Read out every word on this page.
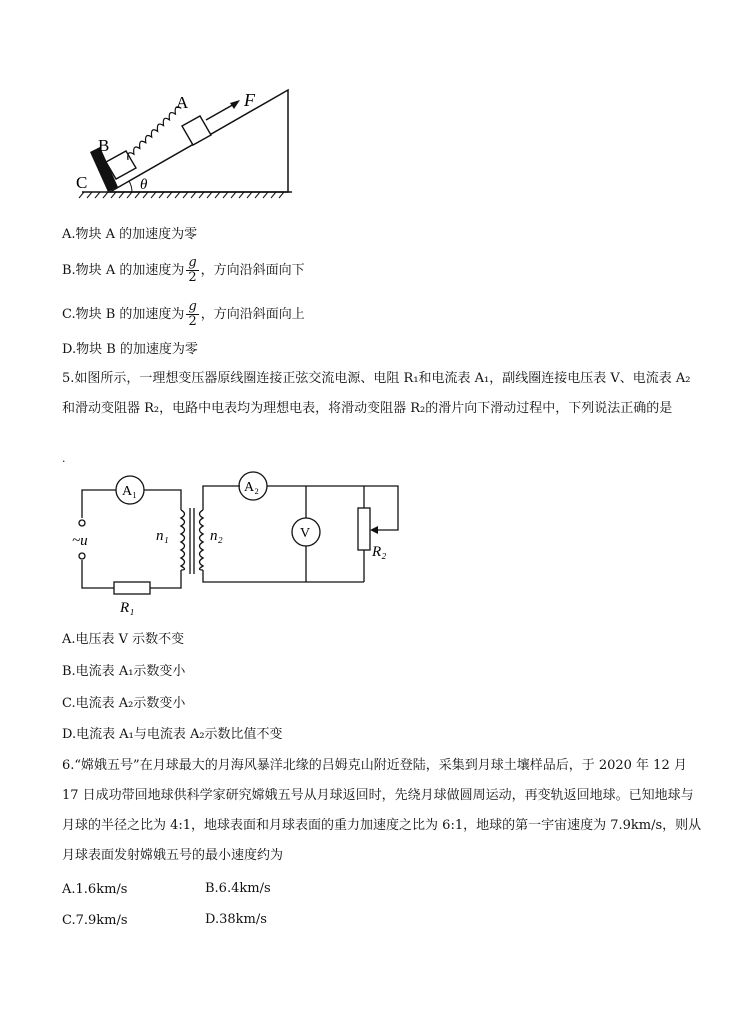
A
B
C
F
θ
A.物块 A 的加速度为零
B.物块 A 的加速度为 $\frac{g}{2}$ ，方向沿斜面向下
C.物块 B 的加速度为 $\frac{g}{2}$ ，方向沿斜面向上
D.物块 B 的加速度为零
5.如图所示，一理想变压器原线圈连接正弦交流电源、电阻 R₁和电流表 A₁，副线圈连接电压表 V、电流表 A₂和滑动变阻器 R₂，电路中电表均为理想电表，将滑动变阻器 R₂的滑片向下滑动过程中，下列说法正确的是
·
A₁	A₂
V
~u	n₁	n₂
R₁
R₂
A.电压表 V 示数不变
B.电流表 A₁示数变小
C.电流表 A₂示数变小
D.电流表 A₁与电流表 A₂示数比值不变
6.“嫦娥五号”在月球最大的月海风暴洋北缘的吕姆克山附近登陆，采集到月球土壤样品后，于 2020 年 12 月 17 日成功带回地球供科学家研究嫦娥五号从月球返回时，先绕月球做圆周运动，再变轨返回地球。已知地球与月球的半径之比为 4:1，地球表面和月球表面的重力加速度之比为 6:1，地球的第一宇宙速度为 7.9km/s，则从月球表面发射嫦娥五号的最小速度约为
A.1.6km/s	B.6.4km/s
C.7.9km/s	D.38km/s
